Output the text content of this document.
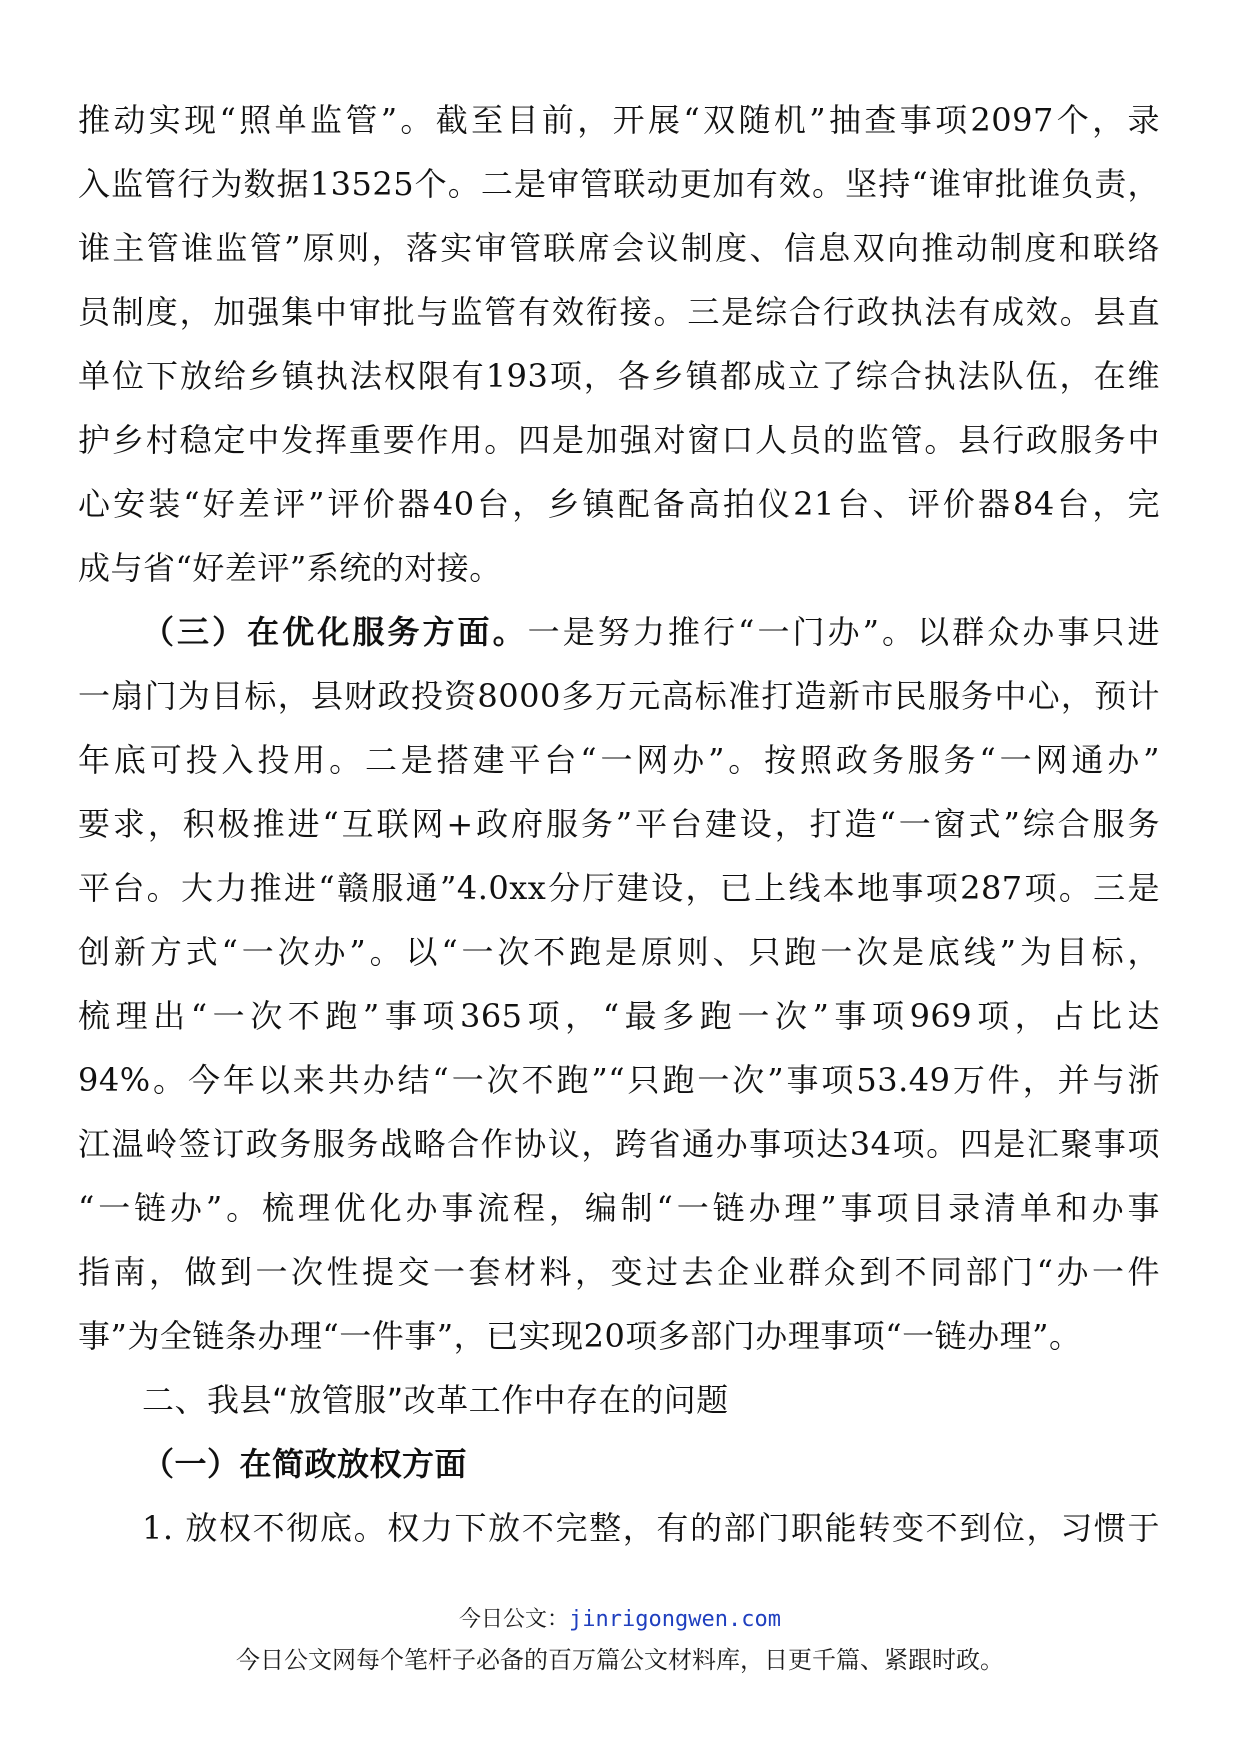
推动实现“照单监管”。截至目前，开展“双随机”抽查事项2097个，录
入监管行为数据13525个。二是审管联动更加有效。坚持“谁审批谁负责，
谁主管谁监管”原则，落实审管联席会议制度、信息双向推动制度和联络
员制度，加强集中审批与监管有效衔接。三是综合行政执法有成效。县直
单位下放给乡镇执法权限有193项，各乡镇都成立了综合执法队伍，在维
护乡村稳定中发挥重要作用。四是加强对窗口人员的监管。县行政服务中
心安装“好差评”评价器40台，乡镇配备高拍仪21台、评价器84台，完
成与省“好差评”系统的对接。
（三）在优化服务方面。一是努力推行“一门办”。以群众办事只进
一扇门为目标，县财政投资8000多万元高标准打造新市民服务中心，预计
年底可投入投用。二是搭建平台“一网办”。按照政务服务“一网通办”
要求，积极推进“互联网+政府服务”平台建设，打造“一窗式”综合服务
平台。大力推进“赣服通”4.0xx分厅建设，已上线本地事项287项。三是
创新方式“一次办”。以“一次不跑是原则、只跑一次是底线”为目标，
梳理出“一次不跑”事项365项，“最多跑一次”事项969项，占比达
94%。今年以来共办结“一次不跑”“只跑一次”事项53.49万件，并与浙
江温岭签订政务服务战略合作协议，跨省通办事项达34项。四是汇聚事项
“一链办”。梳理优化办事流程，编制“一链办理”事项目录清单和办事
指南，做到一次性提交一套材料，变过去企业群众到不同部门“办一件
事”为全链条办理“一件事”，已实现20项多部门办理事项“一链办理”。
二、我县“放管服”改革工作中存在的问题
（一）在简政放权方面
1. 放权不彻底。权力下放不完整，有的部门职能转变不到位，习惯于
今日公文：jinrigongwen.com
今日公文网每个笔杆子必备的百万篇公文材料库，日更千篇、紧跟时政。
